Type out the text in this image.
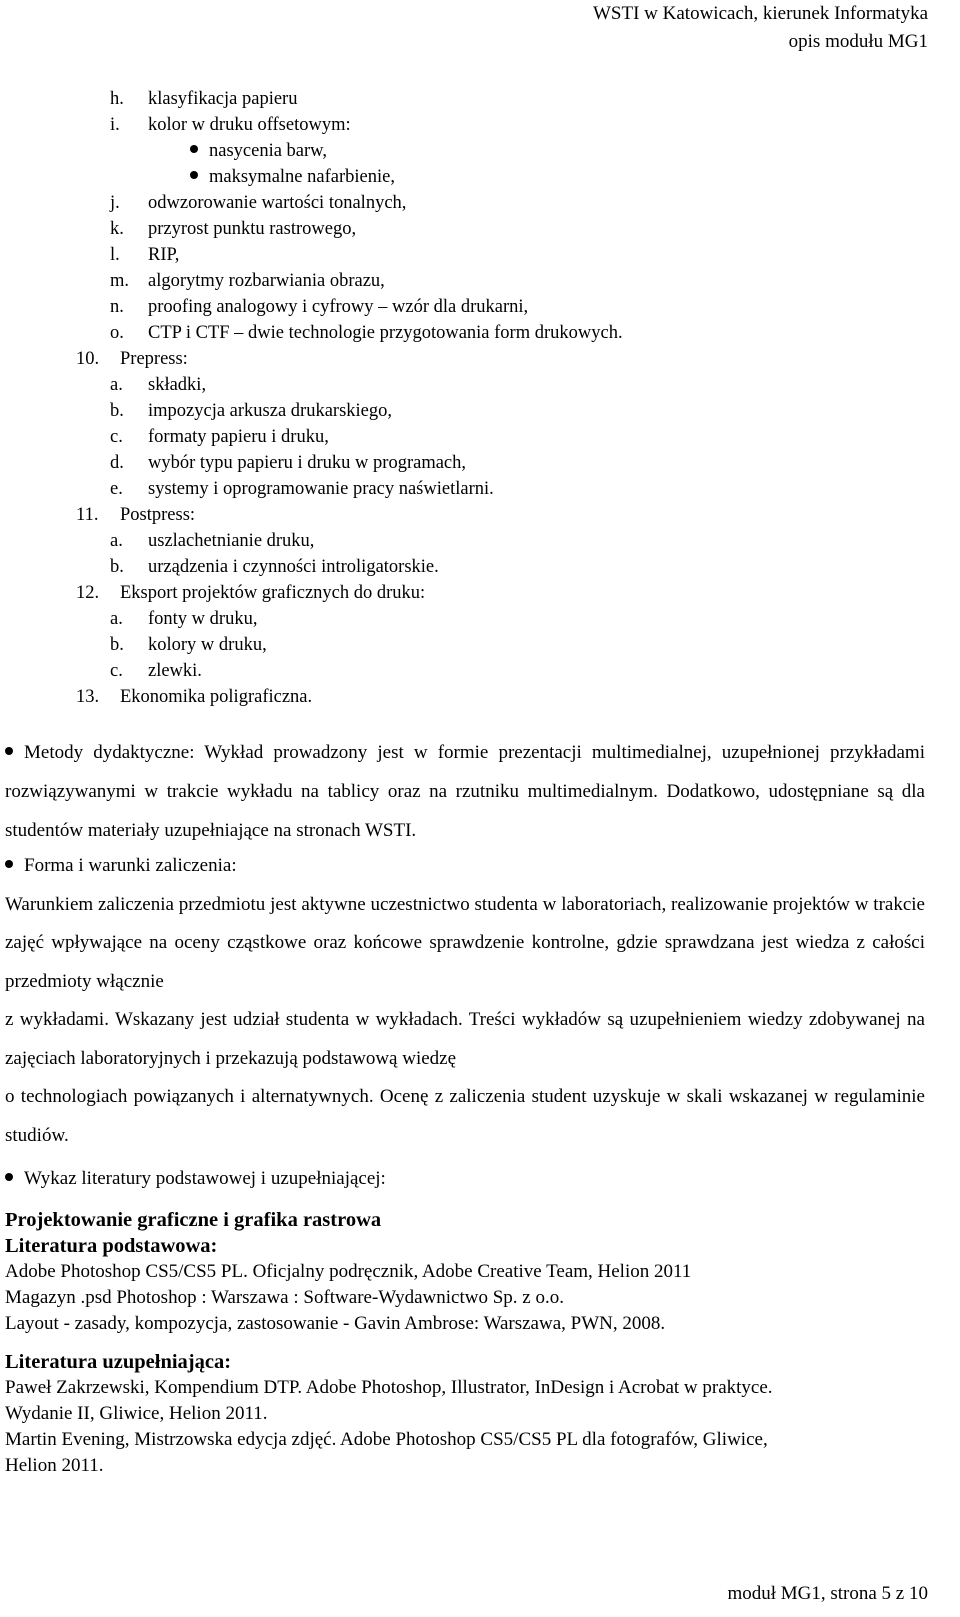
WSTI w Katowicach, kierunek Informatyka
opis modułu MG1
h. klasyfikacja papieru
i. kolor w druku offsetowym:
nasycenia barw,
maksymalne nafarbienie,
j. odwzorowanie wartości tonalnych,
k. przyrost punktu rastrowego,
l. RIP,
m. algorytmy rozbarwiania obrazu,
n. proofing analogowy i cyfrowy – wzór dla drukarni,
o. CTP i CTF – dwie technologie przygotowania form drukowych.
10. Prepress:
a. składki,
b. impozycja arkusza drukarskiego,
c. formaty papieru i druku,
d. wybór typu papieru i druku w programach,
e. systemy i oprogramowanie pracy naświetlarni.
11. Postpress:
a. uszlachetnianie druku,
b. urządzenia i czynności introligatorskie.
12. Eksport projektów graficznych do druku:
a. fonty w druku,
b. kolory w druku,
c. zlewki.
13. Ekonomika poligraficzna.
Metody dydaktyczne: Wykład prowadzony jest w formie prezentacji multimedialnej, uzupełnionej przykładami rozwiązywanymi w trakcie wykładu na tablicy oraz na rzutniku multimedialnym. Dodatkowo, udostępniane są dla studentów materiały uzupełniające na stronach WSTI.
Forma i warunki zaliczenia:
Warunkiem zaliczenia przedmiotu jest aktywne uczestnictwo studenta w laboratoriach, realizowanie projektów w trakcie zajęć wpływające na oceny cząstkowe oraz końcowe sprawdzenie kontrolne, gdzie sprawdzana jest wiedza z całości przedmioty włącznie
z wykładami. Wskazany jest udział studenta w wykładach. Treści wykładów są uzupełnieniem wiedzy zdobywanej na zajęciach laboratoryjnych i przekazują podstawową wiedzę
o technologiach powiązanych i alternatywnych. Ocenę z zaliczenia student uzyskuje w skali wskazanej w regulaminie studiów.
Wykaz literatury podstawowej i uzupełniającej:
Projektowanie graficzne i grafika rastrowa
Literatura podstawowa:
Adobe Photoshop CS5/CS5 PL. Oficjalny podręcznik, Adobe Creative Team, Helion 2011
Magazyn .psd Photoshop : Warszawa : Software-Wydawnictwo Sp. z o.o.
Layout - zasady, kompozycja, zastosowanie - Gavin Ambrose: Warszawa, PWN, 2008.
Literatura uzupełniająca:
Paweł Zakrzewski, Kompendium DTP. Adobe Photoshop, Illustrator, InDesign i Acrobat w praktyce.
Wydanie II, Gliwice, Helion 2011.
Martin Evening, Mistrzowska edycja zdjęć. Adobe Photoshop CS5/CS5 PL dla fotografów, Gliwice,
Helion 2011.
moduł MG1, strona 5 z 10
